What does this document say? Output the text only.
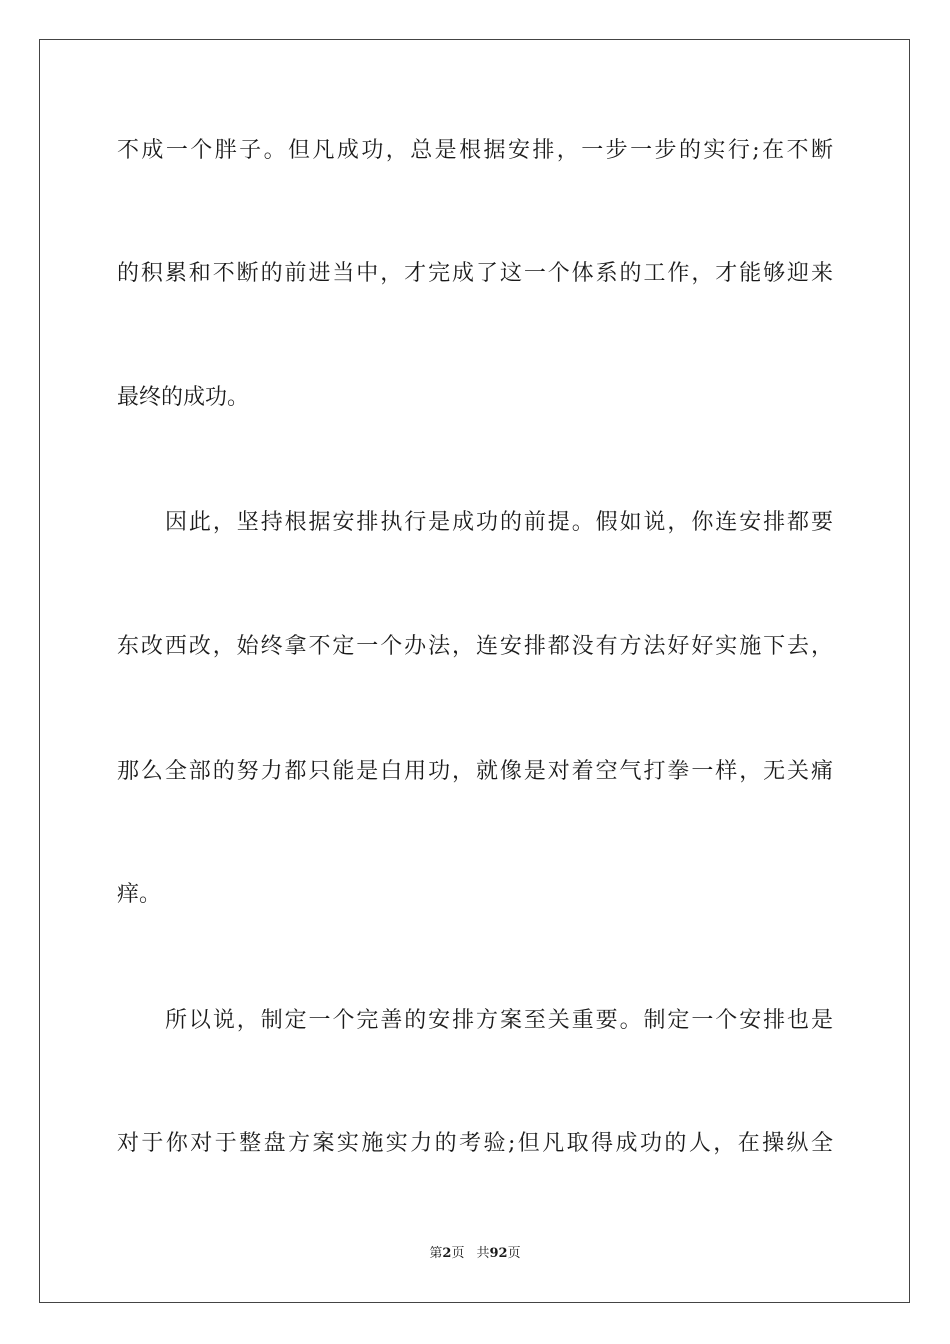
不成一个胖子。但凡成功，总是根据安排，一步一步的实行;在不断
的积累和不断的前进当中，才完成了这一个体系的工作，才能够迎来
最终的成功。
因此，坚持根据安排执行是成功的前提。假如说，你连安排都要
东改西改，始终拿不定一个办法，连安排都没有方法好好实施下去，
那么全部的努力都只能是白用功，就像是对着空气打拳一样，无关痛
痒。
所以说，制定一个完善的安排方案至关重要。制定一个安排也是
对于你对于整盘方案实施实力的考验;但凡取得成功的人，在操纵全
第2页 共92页
